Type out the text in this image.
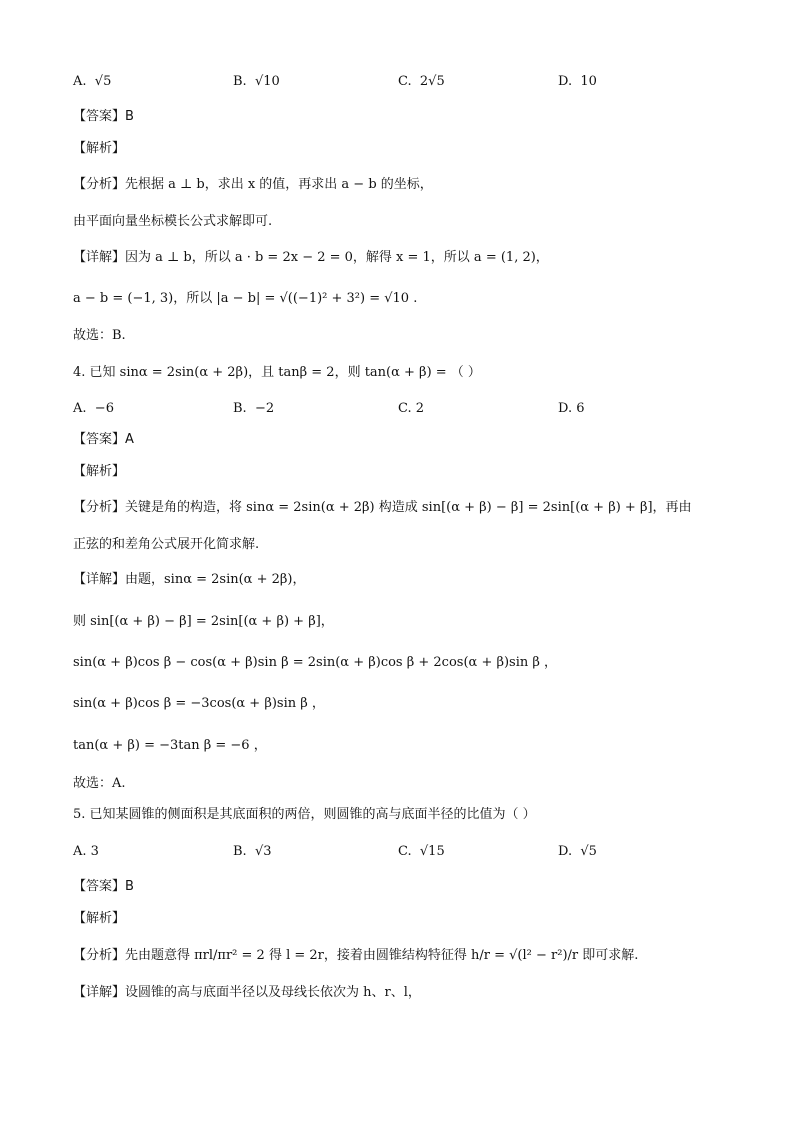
A. √5	B. √10	C. 2√5	D. 10
【答案】B
【解析】
【分析】先根据 a ⊥ b，求出 x 的值，再求出 a − b 的坐标，
由平面向量坐标模长公式求解即可.
【详解】因为 a ⊥ b，所以 a · b = 2x − 2 = 0，解得 x = 1，所以 a = (1, 2)，
a − b = (−1, 3)，所以 |a − b| = √((−1)² + 3²) = √10 .
故选：B.
4. 已知 sinα = 2sin(α + 2β)，且 tanβ = 2，则 tan(α + β) = （ ）
A. −6	B. −2	C. 2	D. 6
【答案】A
【解析】
【分析】关键是角的构造，将 sinα = 2sin(α + 2β) 构造成 sin[(α + β) − β] = 2sin[(α + β) + β]，再由
正弦的和差角公式展开化简求解.
【详解】由题，sinα = 2sin(α + 2β)，
则 sin[(α + β) − β] = 2sin[(α + β) + β]，
sin(α + β)cos β − cos(α + β)sin β = 2sin(α + β)cos β + 2cos(α + β)sin β ，
sin(α + β)cos β = −3cos(α + β)sin β ，
tan(α + β) = −3tan β = −6 ，
故选：A.
5. 已知某圆锥的侧面积是其底面积的两倍，则圆锥的高与底面半径的比值为（ ）
A. 3	B. √3	C. √15	D. √5
【答案】B
【解析】
【分析】先由题意得 πrl/πr² = 2 得 l = 2r，接着由圆锥结构特征得 h/r = √(l² − r²)/r 即可求解.
【详解】设圆锥的高与底面半径以及母线长依次为 h、r、l，
